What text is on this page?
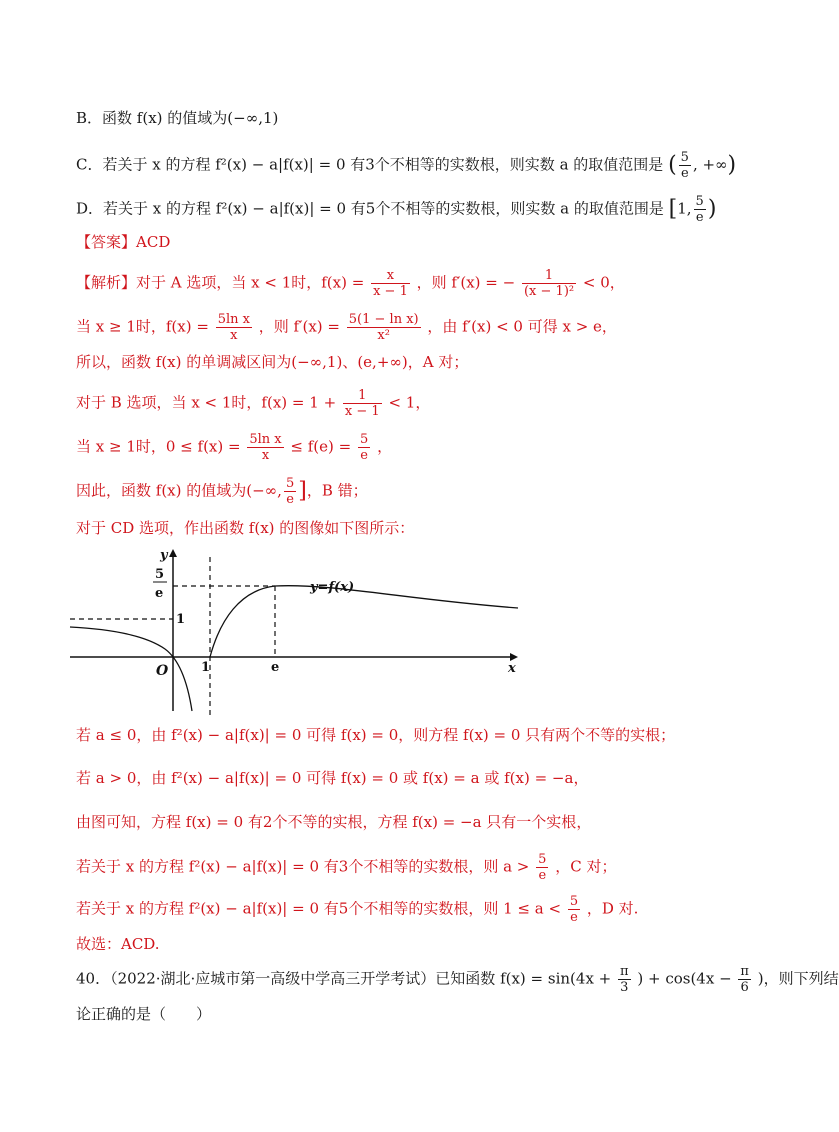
B．函数 f(x) 的值域为(−∞,1)
C．若关于 x 的方程 f²(x) − a|f(x)| = 0 有3个不相等的实数根，则实数 a 的取值范围是 ( $\frac{5}{e}$ , +∞)
D．若关于 x 的方程 f²(x) − a|f(x)| = 0 有5个不相等的实数根，则实数 a 的取值范围是 [1, $\frac{5}{e}$ )
【答案】ACD
【解析】对于 A 选项，当 x < 1时，$f(x) = \frac{x}{x - 1}$ ，则 f′(x) = − $\frac{1}{\text{(x − 1)²}} < 0$，
当 x ≥ 1时，$f(x) = \frac{\text{5ln x}}{x}$ ，则 $f'(x) = \frac{\text{5(1 − ln x)}}{\text{x²}}$ ，由 f′(x) < 0 可得 x > e，
所以，函数 f(x) 的单调减区间为(−∞,1)、(e,+∞)，A 对；
对于 B 选项，当 x < 1时，$f(x) = 1 + \frac{1}{x - 1} < 1$，
当 x ≥ 1时，$0 \le f(x) = \frac{\text{5ln x}}{x} \le f(e) = \frac{5}{e}$ ，
因此，函数 f(x) 的值域为(−∞, $\frac{5}{e}$ ]，B 错；
对于 CD 选项，作出函数 f(x) 的图像如下图所示：
y
x
O	1	e
1
5
e	y=f(x)
若 a ≤ 0，由 f²(x) − a|f(x)| = 0 可得 f(x) = 0，则方程 f(x) = 0 只有两个不等的实根；
若 a > 0，由 f²(x) − a|f(x)| = 0 可得 f(x) = 0 或 f(x) = a 或 f(x) = −a，
由图可知，方程 f(x) = 0 有2个不等的实根，方程 f(x) = −a 只有一个实根，
若关于 x 的方程 f²(x) − a|f(x)| = 0 有3个不相等的实数根，则 $a > \frac{5}{e}$ ，C 对；
若关于 x 的方程 f²(x) − a|f(x)| = 0 有5个不相等的实数根，则 $1 \le a < \frac{5}{e}$ ，D 对.
故选：ACD.
40．（2022·湖北·应城市第一高级中学高三开学考试）已知函数 $f(x) = \sin(4x + \frac{\pi}{3}$ ) + $\cos(4x - \frac{\pi}{6}$ )，则下列结
论正确的是（　　）
